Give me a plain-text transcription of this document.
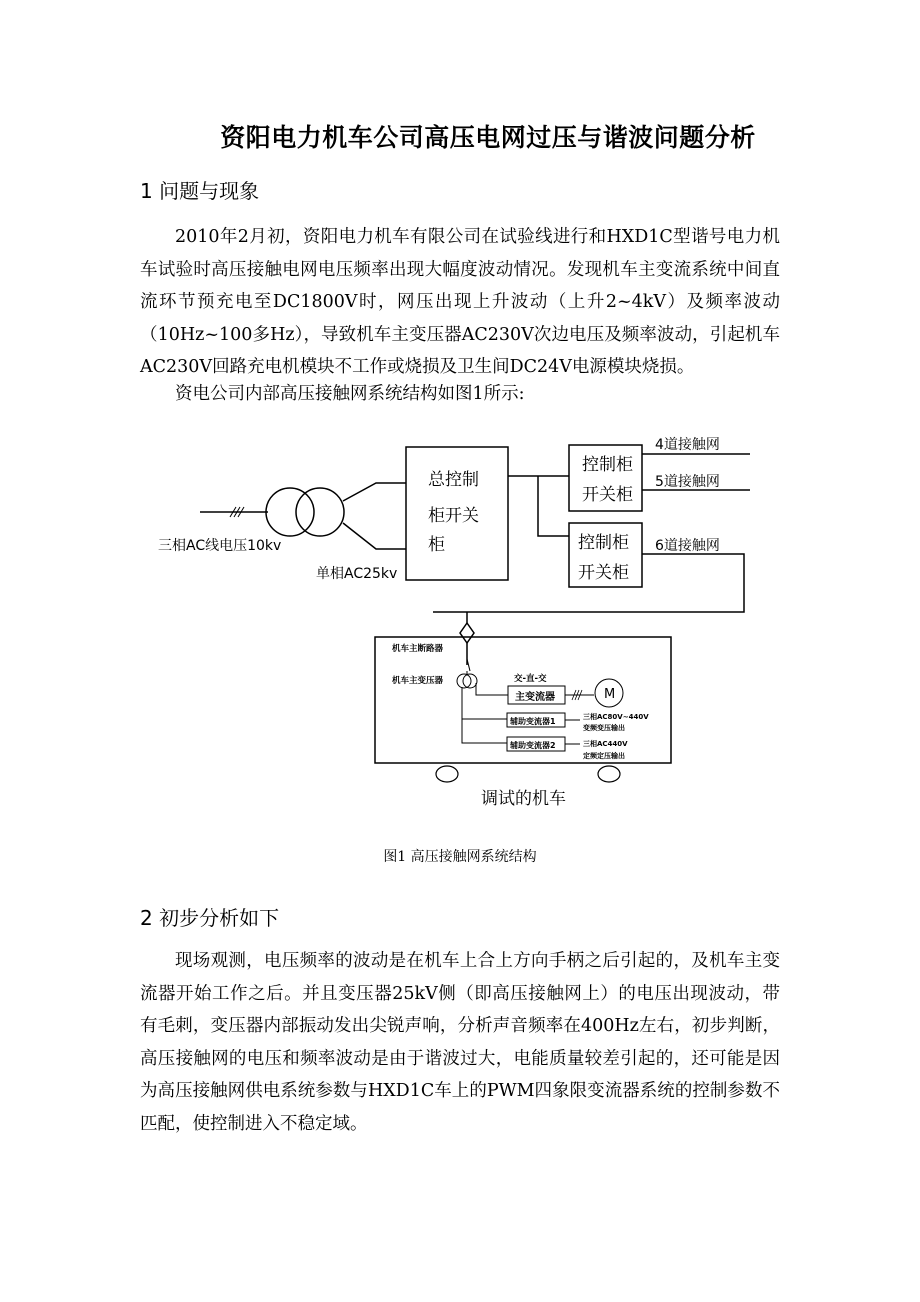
资阳电力机车公司高压电网过压与谐波问题分析
1 问题与现象

2010年2月初，资阳电力机车有限公司在试验线进行和HXD1C型谐号电力机车试验时高压接触电网电压频率出现大幅度波动情况。发现机车主变流系统中间直流环节预充电至DC1800V时，网压出现上升波动（上升2~4kV）及频率波动（10Hz~100多Hz），导致机车主变压器AC230V次边电压及频率波动，引起机车AC230V回路充电机模块不工作或烧损及卫生间DC24V电源模块烧损。

资电公司内部高压接触网系统结构如图1所示:

三相AC线电压10kv
单相AC25kv
总控制
柜开关
柜
控制柜
开关柜
控制柜
开关柜
4道接触网
5道接触网
6道接触网
机车主断路器
机车主变压器	交-直-交
主变流器	M
辅助变流器1
辅助变流器2
三相AC80V~440V
变频变压输出
三相AC440V
定频定压输出
调试的机车
图1 高压接触网系统结构
2 初步分析如下

现场观测，电压频率的波动是在机车上合上方向手柄之后引起的，及机车主变流器开始工作之后。并且变压器25kV侧（即高压接触网上）的电压出现波动，带有毛刺，变压器内部振动发出尖锐声响，分析声音频率在400Hz左右，初步判断，高压接触网的电压和频率波动是由于谐波过大，电能质量较差引起的，还可能是因为高压接触网供电系统参数与HXD1C车上的PWM四象限变流器系统的控制参数不匹配，使控制进入不稳定域。
